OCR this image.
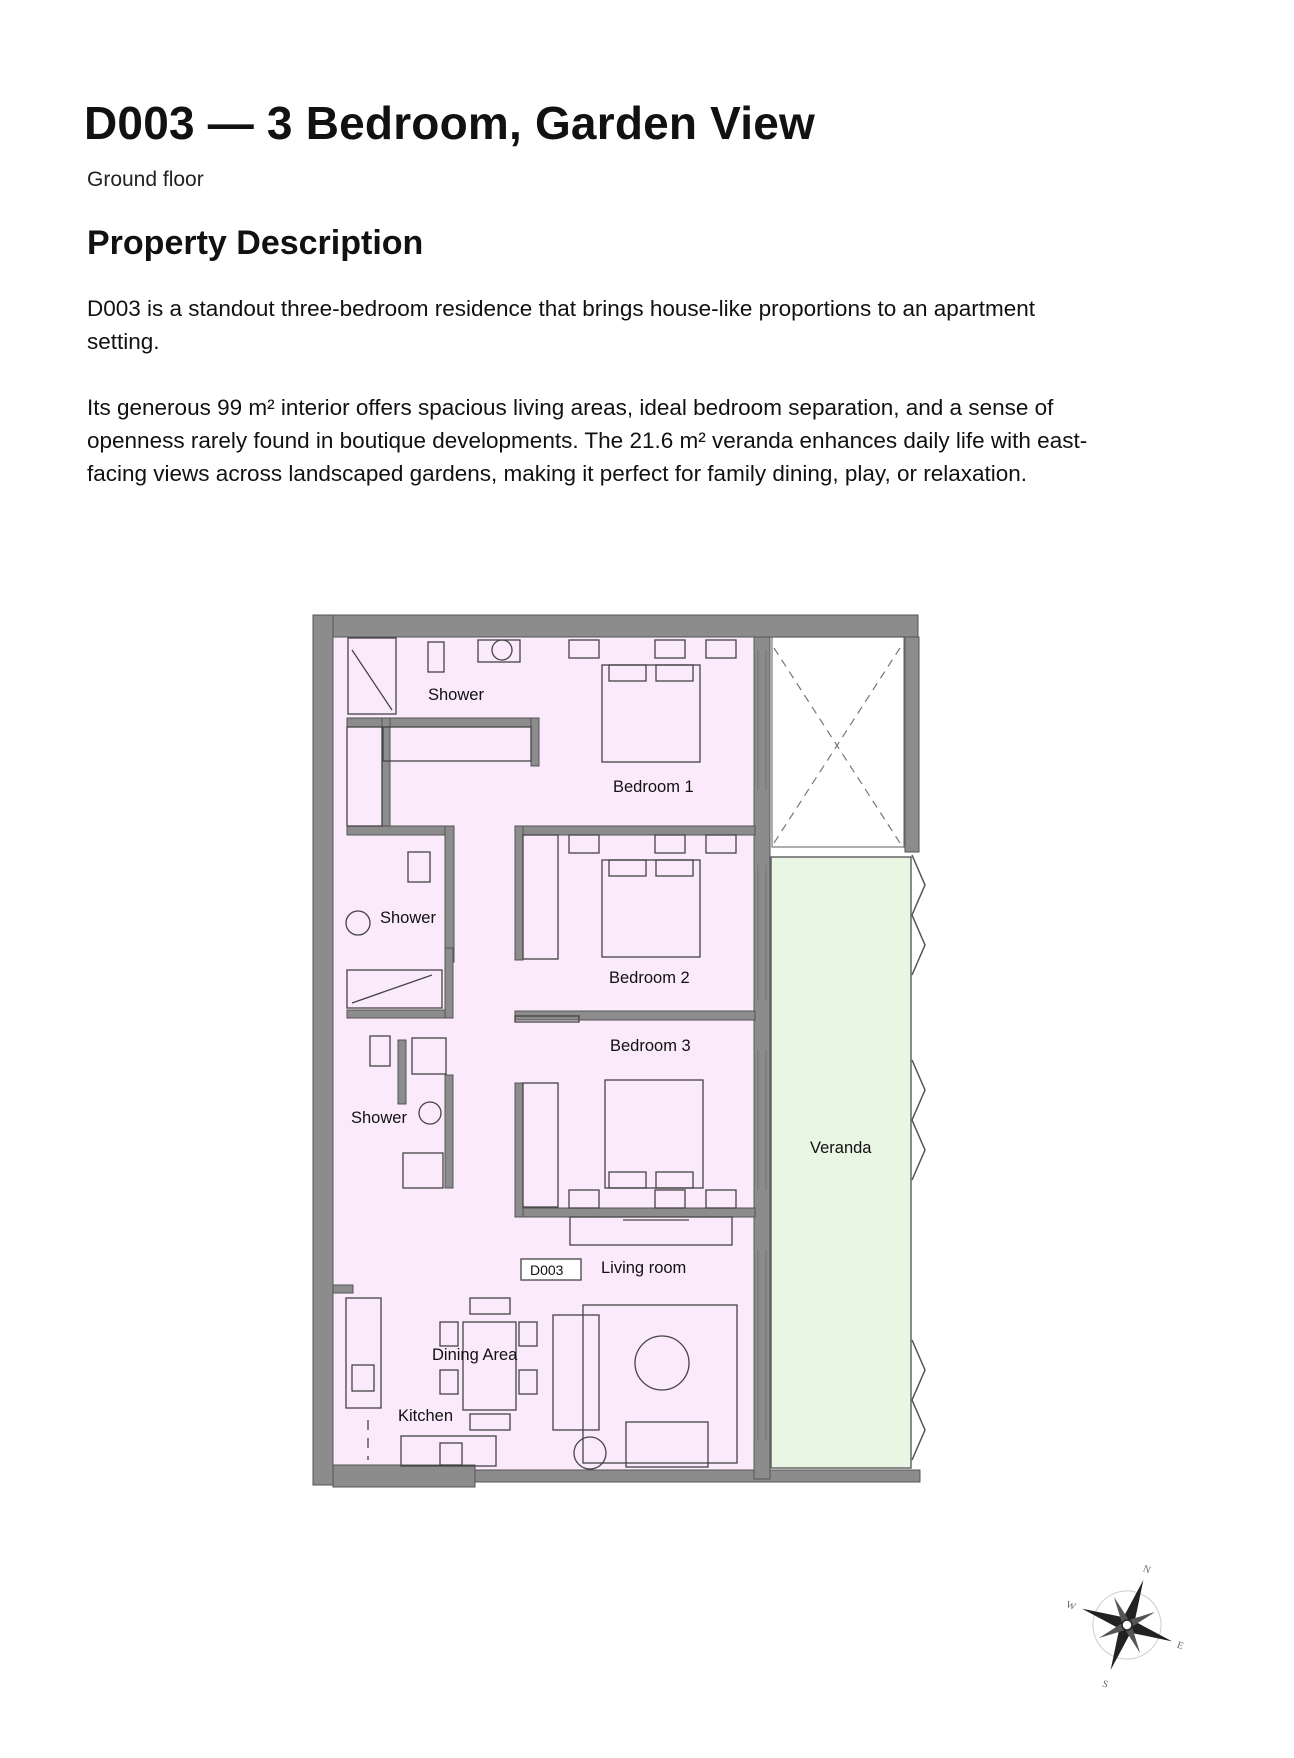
D003 — 3 Bedroom, Garden View

Ground floor

Property Description

D003 is a standout three-bedroom residence that brings house-like proportions to an apartment setting.

Its generous 99 m² interior offers spacious living areas, ideal bedroom separation, and a sense of openness rarely found in boutique developments. The 21.6 m² veranda enhances daily life with east-facing views across landscaped gardens, making it perfect for family dining, play, or relaxation.

Shower
Bedroom 1
Shower
Bedroom 2
Bedroom 3
Shower
Veranda
D003 Living room
Dining Area
Kitchen
N
E
S
W
